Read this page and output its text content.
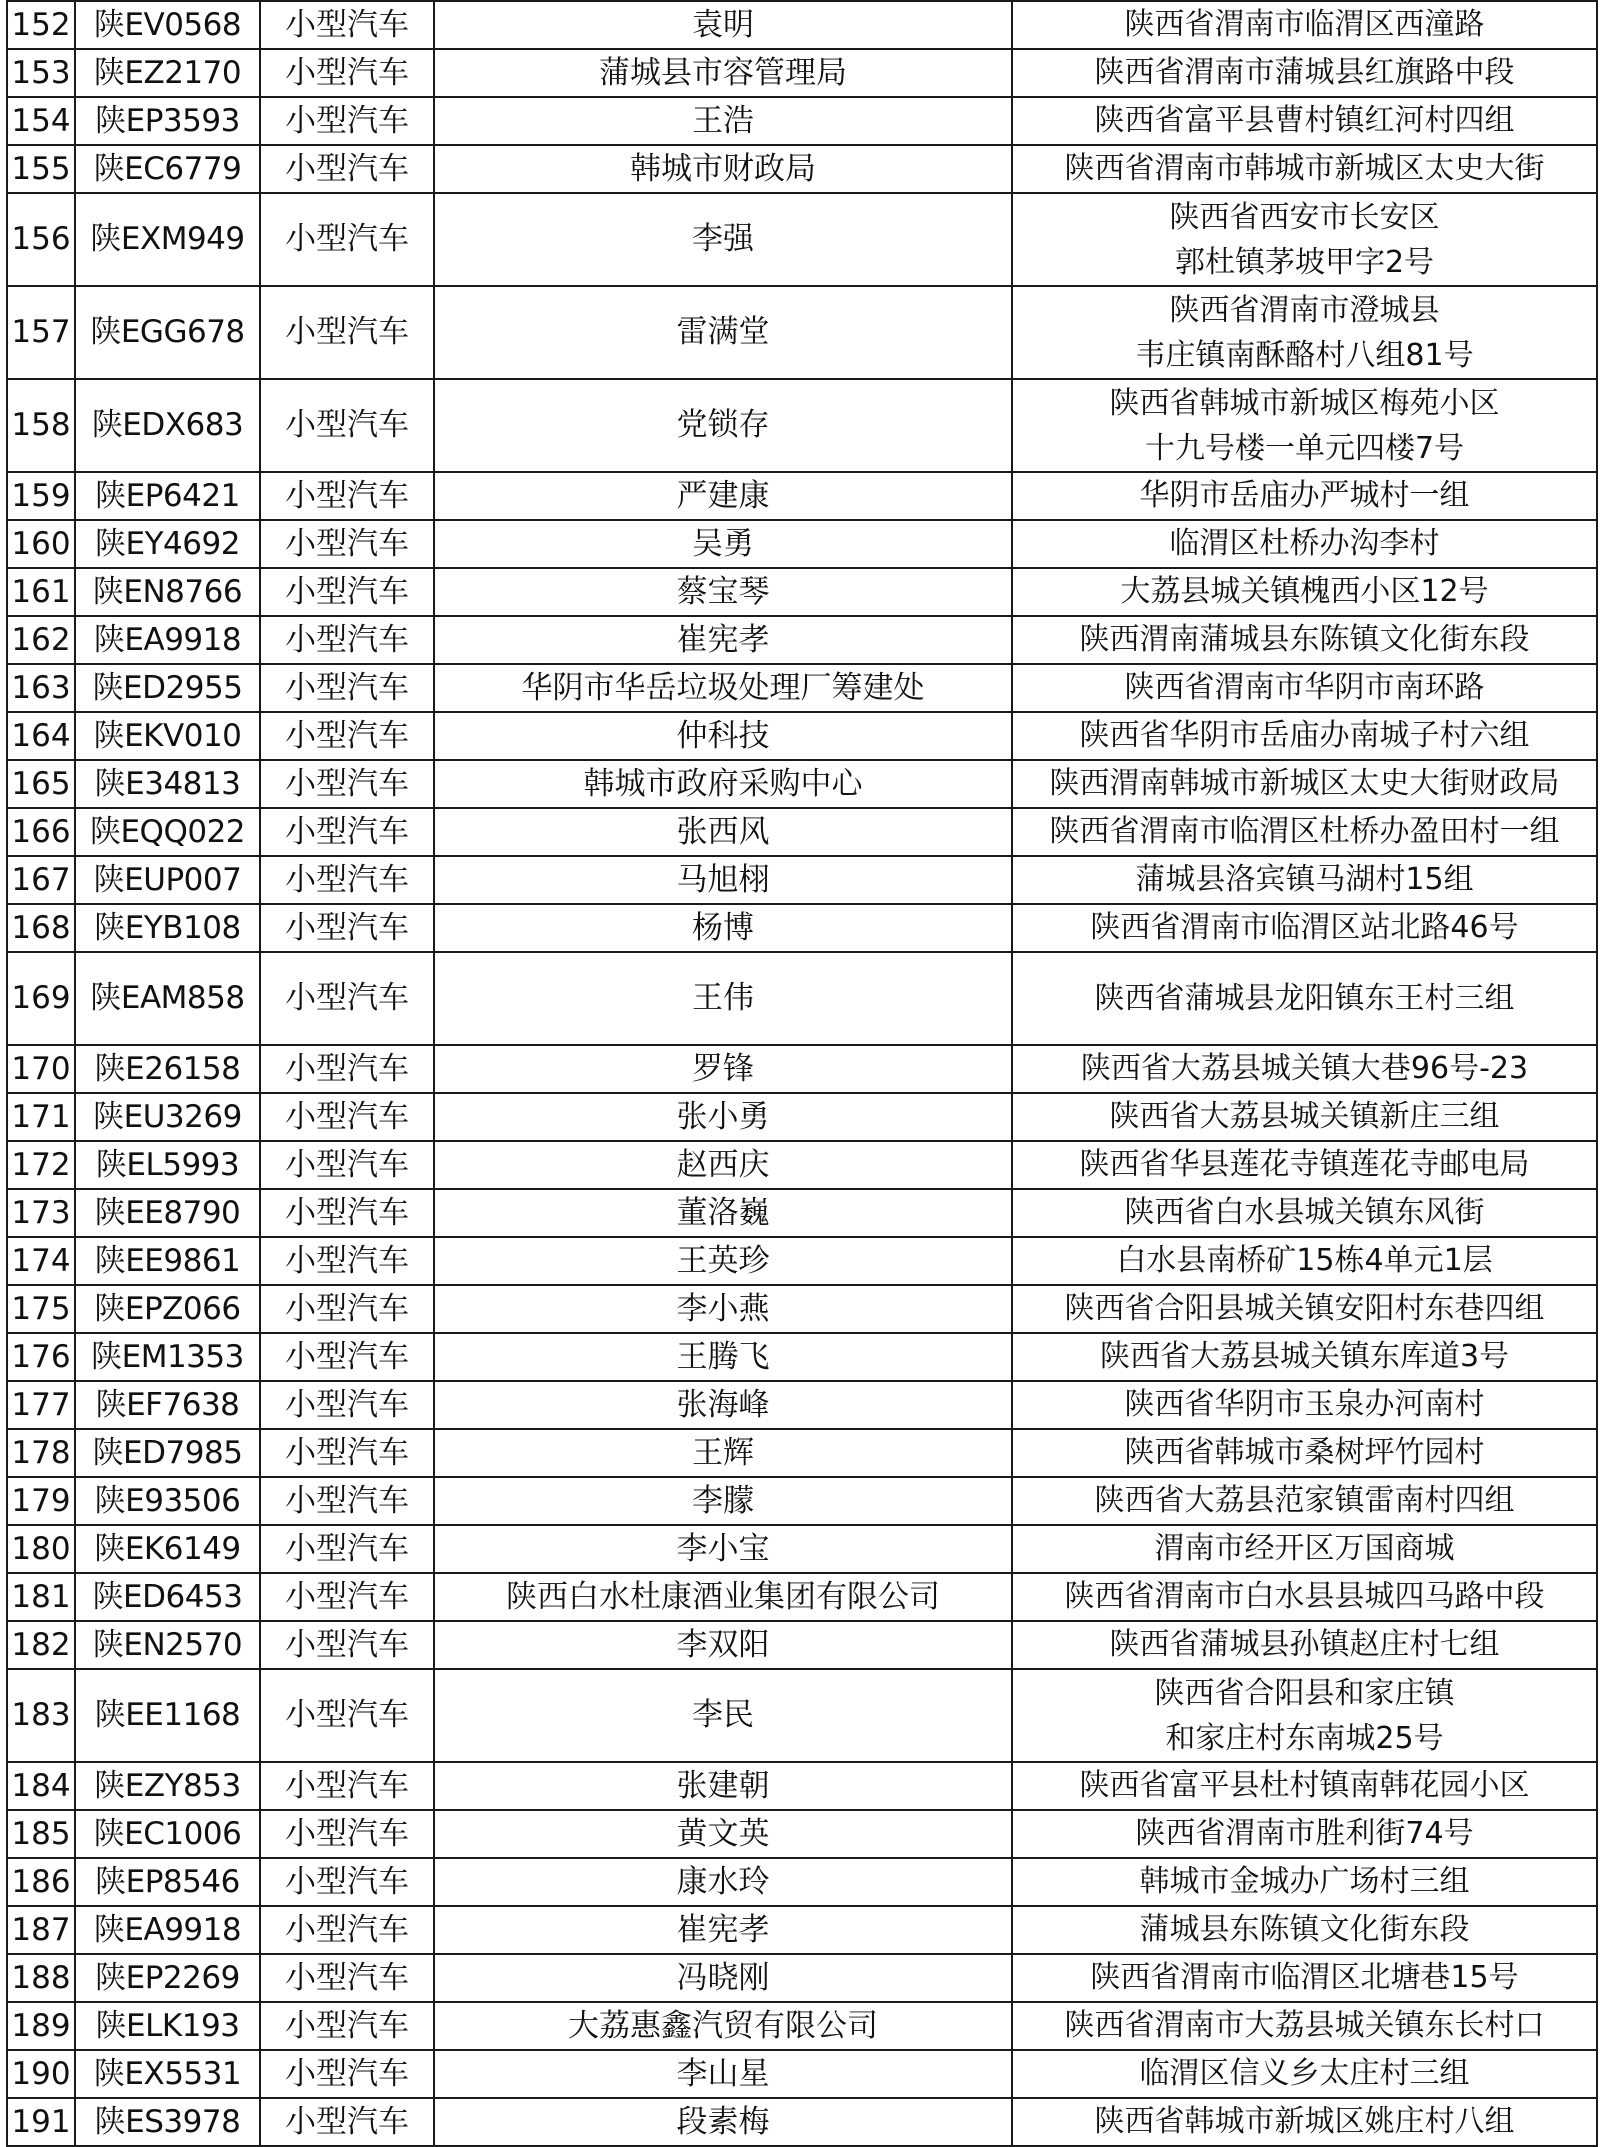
152	陕EV0568	小型汽车	袁明	陕西省渭南市临渭区西潼路

153	陕EZ2170	小型汽车	蒲城县市容管理局	陕西省渭南市蒲城县红旗路中段

154	陕EP3593	小型汽车	王浩	陕西省富平县曹村镇红河村四组

155	陕EC6779	小型汽车	韩城市财政局	陕西省渭南市韩城市新城区太史大街

156	陕EXM949	小型汽车	李强	陕西省西安市长安区
郭杜镇茅坡甲字2号

157	陕EGG678	小型汽车	雷满堂	陕西省渭南市澄城县
韦庄镇南酥酪村八组81号

158	陕EDX683	小型汽车	党锁存	陕西省韩城市新城区梅苑小区
十九号楼一单元四楼7号

159	陕EP6421	小型汽车	严建康	华阴市岳庙办严城村一组

160	陕EY4692	小型汽车	吴勇	临渭区杜桥办沟李村

161	陕EN8766	小型汽车	蔡宝琴	大荔县城关镇槐西小区12号

162	陕EA9918	小型汽车	崔宪孝	陕西渭南蒲城县东陈镇文化街东段

163	陕ED2955	小型汽车	华阴市华岳垃圾处理厂筹建处	陕西省渭南市华阴市南环路

164	陕EKV010	小型汽车	仲科技	陕西省华阴市岳庙办南城子村六组

165	陕E34813	小型汽车	韩城市政府采购中心	陕西渭南韩城市新城区太史大街财政局

166	陕EQQ022	小型汽车	张西风	陕西省渭南市临渭区杜桥办盈田村一组

167	陕EUP007	小型汽车	马旭栩	蒲城县洛宾镇马湖村15组

168	陕EYB108	小型汽车	杨博	陕西省渭南市临渭区站北路46号

169	陕EAM858	小型汽车	王伟	陕西省蒲城县龙阳镇东王村三组

170	陕E26158	小型汽车	罗锋	陕西省大荔县城关镇大巷96号-23

171	陕EU3269	小型汽车	张小勇	陕西省大荔县城关镇新庄三组

172	陕EL5993	小型汽车	赵西庆	陕西省华县莲花寺镇莲花寺邮电局

173	陕EE8790	小型汽车	董洛巍	陕西省白水县城关镇东风街

174	陕EE9861	小型汽车	王英珍	白水县南桥矿15栋4单元1层

175	陕EPZ066	小型汽车	李小燕	陕西省合阳县城关镇安阳村东巷四组

176	陕EM1353	小型汽车	王腾飞	陕西省大荔县城关镇东库道3号

177	陕EF7638	小型汽车	张海峰	陕西省华阴市玉泉办河南村

178	陕ED7985	小型汽车	王辉	陕西省韩城市桑树坪竹园村

179	陕E93506	小型汽车	李朦	陕西省大荔县范家镇雷南村四组

180	陕EK6149	小型汽车	李小宝	渭南市经开区万国商城

181	陕ED6453	小型汽车	陕西白水杜康酒业集团有限公司	陕西省渭南市白水县县城四马路中段

182	陕EN2570	小型汽车	李双阳	陕西省蒲城县孙镇赵庄村七组

183	陕EE1168	小型汽车	李民	陕西省合阳县和家庄镇
和家庄村东南城25号

184	陕EZY853	小型汽车	张建朝	陕西省富平县杜村镇南韩花园小区

185	陕EC1006	小型汽车	黄文英	陕西省渭南市胜利街74号

186	陕EP8546	小型汽车	康水玲	韩城市金城办广场村三组

187	陕EA9918	小型汽车	崔宪孝	蒲城县东陈镇文化街东段

188	陕EP2269	小型汽车	冯晓刚	陕西省渭南市临渭区北塘巷15号

189	陕ELK193	小型汽车	大荔惠鑫汽贸有限公司	陕西省渭南市大荔县城关镇东长村口

190	陕EX5531	小型汽车	李山星	临渭区信义乡太庄村三组

191	陕ES3978	小型汽车	段素梅	陕西省韩城市新城区姚庄村八组
